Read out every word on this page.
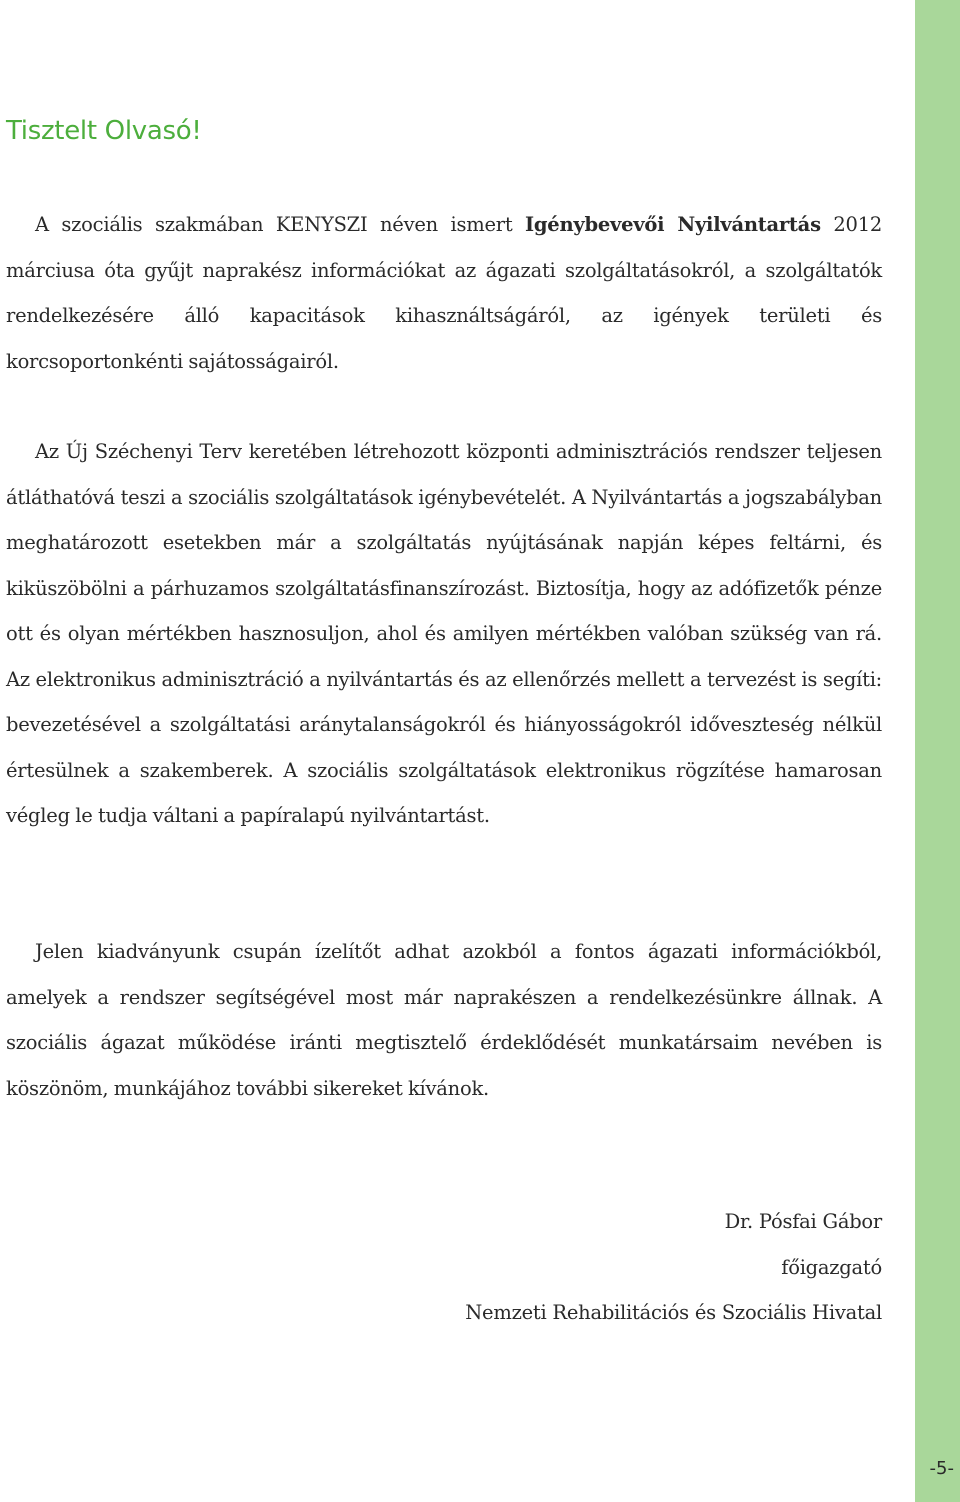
Tisztelt Olvasó!

A szociális szakmában KENYSZI néven ismert Igénybevevői Nyilvántartás 2012 márciusa óta gyűjt naprakész információkat az ágazati szolgáltatásokról, a szolgáltatók rendelkezésére álló kapacitások kihasználtságáról, az igények területi és korcsoportonkénti sajátosságairól.

Az Új Széchenyi Terv keretében létrehozott központi adminisztrációs rendszer teljesen átláthatóvá teszi a szociális szolgáltatások igénybevételét. A Nyilvántartás a jogszabályban meghatározott esetekben már a szolgáltatás nyújtásának napján képes feltárni, és kiküszöbölni a párhuzamos szolgáltatásfinanszírozást. Biztosítja, hogy az adófizetők pénze ott és olyan mértékben hasznosuljon, ahol és amilyen mértékben valóban szükség van rá. Az elektronikus adminisztráció a nyilvántartás és az ellenőrzés mellett a tervezést is segíti: bevezetésével a szolgáltatási aránytalanságokról és hiányosságokról időveszteség nélkül értesülnek a szakemberek. A szociális szolgáltatások elektronikus rögzítése hamarosan végleg le tudja váltani a papíralapú nyilvántartást.

Jelen kiadványunk csupán ízelítőt adhat azokból a fontos ágazati információkból, amelyek a rendszer segítségével most már naprakészen a rendelkezésünkre állnak. A szociális ágazat működése iránti megtisztelő érdeklődését munkatársaim nevében is köszönöm, munkájához további sikereket kívánok.

Dr. Pósfai Gábor

főigazgató

Nemzeti Rehabilitációs és Szociális Hivatal

-5-
